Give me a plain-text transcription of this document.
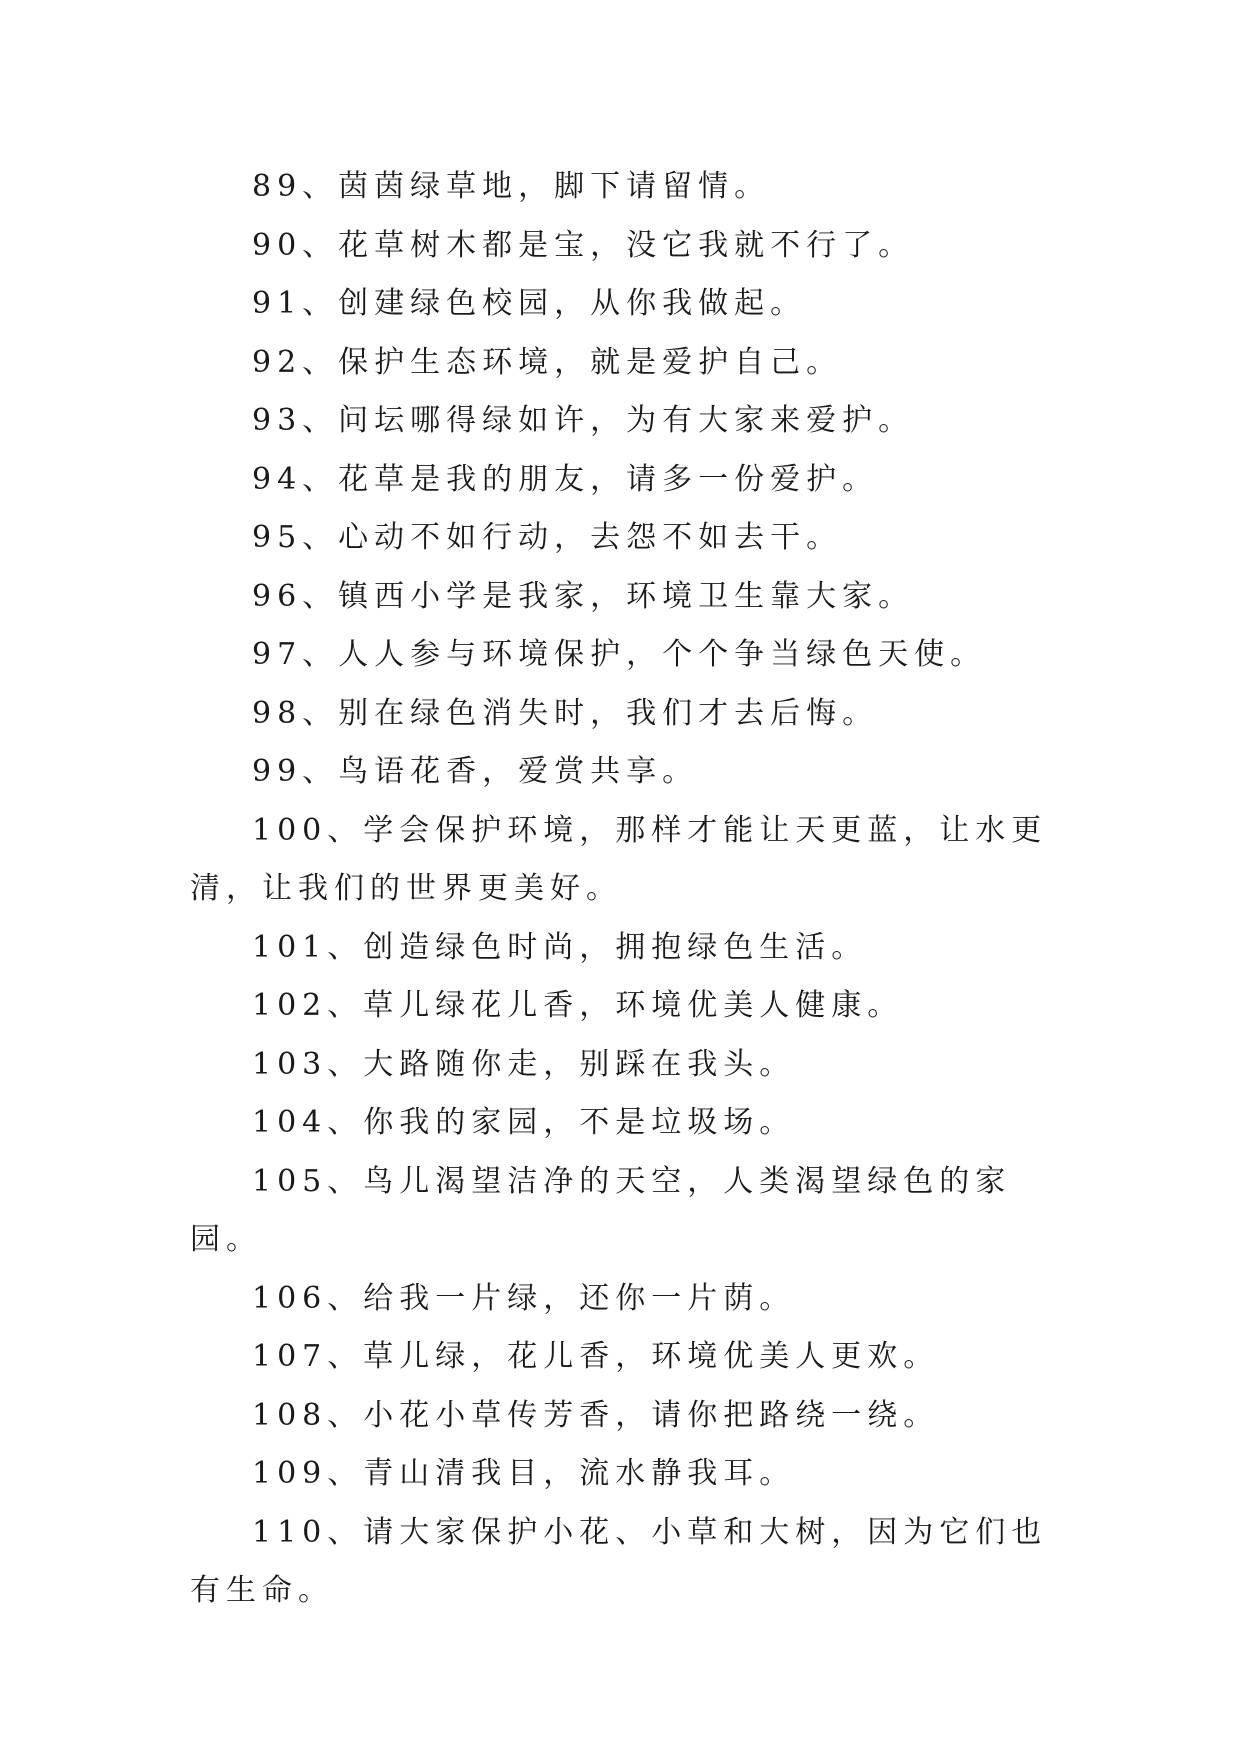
89、茵茵绿草地，脚下请留情。

90、花草树木都是宝，没它我就不行了。

91、创建绿色校园，从你我做起。

92、保护生态环境，就是爱护自己。

93、问坛哪得绿如许，为有大家来爱护。

94、花草是我的朋友，请多一份爱护。

95、心动不如行动，去怨不如去干。

96、镇西小学是我家，环境卫生靠大家。

97、人人参与环境保护，个个争当绿色天使。

98、别在绿色消失时，我们才去后悔。

99、鸟语花香，爱赏共享。

100、学会保护环境，那样才能让天更蓝，让水更清，让我们的世界更美好。

101、创造绿色时尚，拥抱绿色生活。

102、草儿绿花儿香，环境优美人健康。

103、大路随你走，别踩在我头。

104、你我的家园，不是垃圾场。

105、鸟儿渴望洁净的天空，人类渴望绿色的家园。

106、给我一片绿，还你一片荫。

107、草儿绿，花儿香，环境优美人更欢。

108、小花小草传芳香，请你把路绕一绕。

109、青山清我目，流水静我耳。

110、请大家保护小花、小草和大树，因为它们也有生命。
